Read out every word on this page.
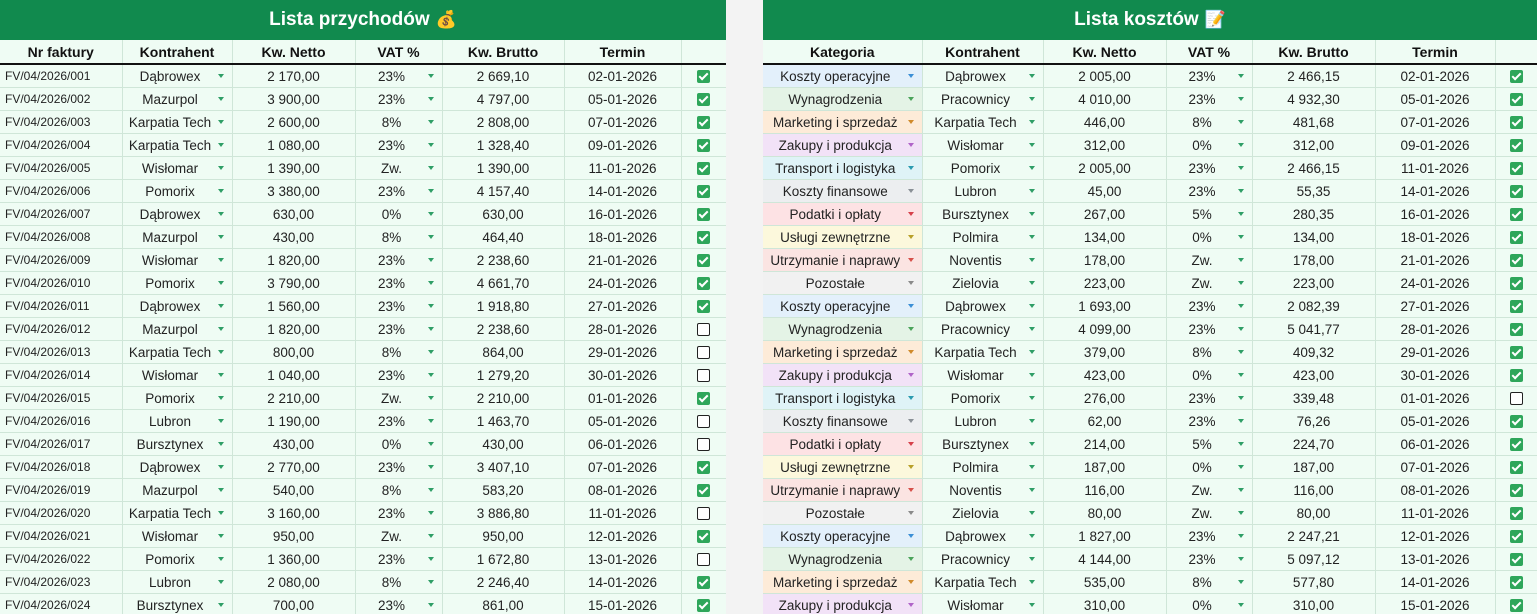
Lista przychodów 💰
Nr faktury	Kontrahent	Kw. Netto	VAT %	Kw. Brutto	Termin	
FV/04/2026/001	Dąbrowex	2 170,00	23%	2 669,10	02-01-2026	
FV/04/2026/002	Mazurpol	3 900,00	23%	4 797,00	05-01-2026	
FV/04/2026/003	Karpatia Tech	2 600,00	8%	2 808,00	07-01-2026	
FV/04/2026/004	Karpatia Tech	1 080,00	23%	1 328,40	09-01-2026	
FV/04/2026/005	Wisłomar	1 390,00	Zw.	1 390,00	11-01-2026	
FV/04/2026/006	Pomorix	3 380,00	23%	4 157,40	14-01-2026	
FV/04/2026/007	Dąbrowex	630,00	0%	630,00	16-01-2026	
FV/04/2026/008	Mazurpol	430,00	8%	464,40	18-01-2026	
FV/04/2026/009	Wisłomar	1 820,00	23%	2 238,60	21-01-2026	
FV/04/2026/010	Pomorix	3 790,00	23%	4 661,70	24-01-2026	
FV/04/2026/011	Dąbrowex	1 560,00	23%	1 918,80	27-01-2026	
FV/04/2026/012	Mazurpol	1 820,00	23%	2 238,60	28-01-2026	
FV/04/2026/013	Karpatia Tech	800,00	8%	864,00	29-01-2026	
FV/04/2026/014	Wisłomar	1 040,00	23%	1 279,20	30-01-2026	
FV/04/2026/015	Pomorix	2 210,00	Zw.	2 210,00	01-01-2026	
FV/04/2026/016	Lubron	1 190,00	23%	1 463,70	05-01-2026	
FV/04/2026/017	Bursztynex	430,00	0%	430,00	06-01-2026	
FV/04/2026/018	Dąbrowex	2 770,00	23%	3 407,10	07-01-2026	
FV/04/2026/019	Mazurpol	540,00	8%	583,20	08-01-2026	
FV/04/2026/020	Karpatia Tech	3 160,00	23%	3 886,80	11-01-2026	
FV/04/2026/021	Wisłomar	950,00	Zw.	950,00	12-01-2026	
FV/04/2026/022	Pomorix	1 360,00	23%	1 672,80	13-01-2026	
FV/04/2026/023	Lubron	2 080,00	8%	2 246,40	14-01-2026	
FV/04/2026/024	Bursztynex	700,00	23%	861,00	15-01-2026	
Lista kosztów 📝
Kategoria	Kontrahent	Kw. Netto	VAT %	Kw. Brutto	Termin	

Koszty operacyjne	Dąbrowex	2 005,00	23%	2 466,15	02-01-2026	

Wynagrodzenia	Pracownicy	4 010,00	23%	4 932,30	05-01-2026	

Marketing i sprzedaż	Karpatia Tech	446,00	8%	481,68	07-01-2026	

Zakupy i produkcja	Wisłomar	312,00	0%	312,00	09-01-2026	

Transport i logistyka	Pomorix	2 005,00	23%	2 466,15	11-01-2026	

Koszty finansowe	Lubron	45,00	23%	55,35	14-01-2026	

Podatki i opłaty	Bursztynex	267,00	5%	280,35	16-01-2026	

Usługi zewnętrzne	Polmira	134,00	0%	134,00	18-01-2026	

Utrzymanie i naprawy	Noventis	178,00	Zw.	178,00	21-01-2026	

Pozostałe	Zielovia	223,00	Zw.	223,00	24-01-2026	

Koszty operacyjne	Dąbrowex	1 693,00	23%	2 082,39	27-01-2026	

Wynagrodzenia	Pracownicy	4 099,00	23%	5 041,77	28-01-2026	

Marketing i sprzedaż	Karpatia Tech	379,00	8%	409,32	29-01-2026	

Zakupy i produkcja	Wisłomar	423,00	0%	423,00	30-01-2026	

Transport i logistyka	Pomorix	276,00	23%	339,48	01-01-2026	

Koszty finansowe	Lubron	62,00	23%	76,26	05-01-2026	

Podatki i opłaty	Bursztynex	214,00	5%	224,70	06-01-2026	

Usługi zewnętrzne	Polmira	187,00	0%	187,00	07-01-2026	

Utrzymanie i naprawy	Noventis	116,00	Zw.	116,00	08-01-2026	

Pozostałe	Zielovia	80,00	Zw.	80,00	11-01-2026	

Koszty operacyjne	Dąbrowex	1 827,00	23%	2 247,21	12-01-2026	

Wynagrodzenia	Pracownicy	4 144,00	23%	5 097,12	13-01-2026	

Marketing i sprzedaż	Karpatia Tech	535,00	8%	577,80	14-01-2026	

Zakupy i produkcja	Wisłomar	310,00	0%	310,00	15-01-2026	
